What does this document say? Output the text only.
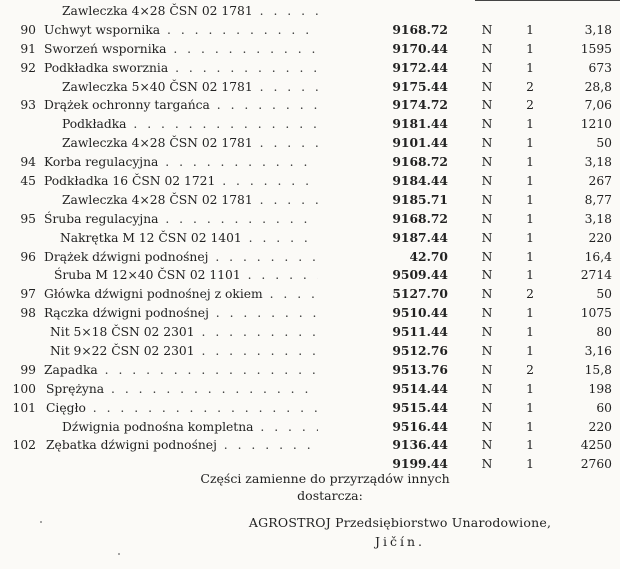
Zawleczka 4×28 ČSN 02 1781 . . .
90 Uchwyt wspornika . . .	9168.72	N	1	3,18
91 Sworzeń wspornika . . .	9170.44	N	1	1595
92 Podkładka sworznia . . .	9172.44	N	1	673
Zawleczka 5×40 ČSN 02 1781 . . .	9175.44	N	2	28,8
93 Drążek ochronny targańca . . .	9174.72	N	2	7,06
Podkładka . . .	9181.44	N	1	1210
Zawleczka 4×28 ČSN 02 1781 . . .	9101.44	N	1	50
94 Korba regulacyjna . . .	9168.72	N	1	3,18
45 Podkładka 16 ČSN 02 1721 . . .	9184.44	N	1	267
Zawleczka 4×28 ČSN 02 1781 . . .	9185.71	N	1	8,77
95 Śruba regulacyjna . . .	9168.72	N	1	3,18
Nakrętka M 12 ČSN 02 1401 . . .	9187.44	N	1	220
96 Drążek dźwigni podnośnej . . .	42.70	N	1	16,4
Śruba M 12×40 ČSN 02 1101 . . .	9509.44	N	1	2714
97 Główka dźwigni podnośnej z okiem . . .	5127.70	N	2	50
98 Rączka dźwigni podnośnej . . .	9510.44	N	1	1075
Nit 5×18 ČSN 02 2301 . . .	9511.44	N	1	80
Nit 9×22 ČSN 02 2301 . . .	9512.76	N	1	3,16
99 Zapadka . . .	9513.76	N	2	15,8
100 Sprężyna . . .	9514.44	N	1	198
101 Cięgło . . .	9515.44	N	1	60
Dźwignia podnośna kompletna . . .	9516.44	N	1	220
102 Zębatka dźwigni podnośnej . . .	9136.44	N	1	4250
9199.44	N	1	2760
Części zamienne do przyrządów innych
dostarcza:
AGROSTROJ Przedsiębiorstwo Unarodowione,
Jičín.
